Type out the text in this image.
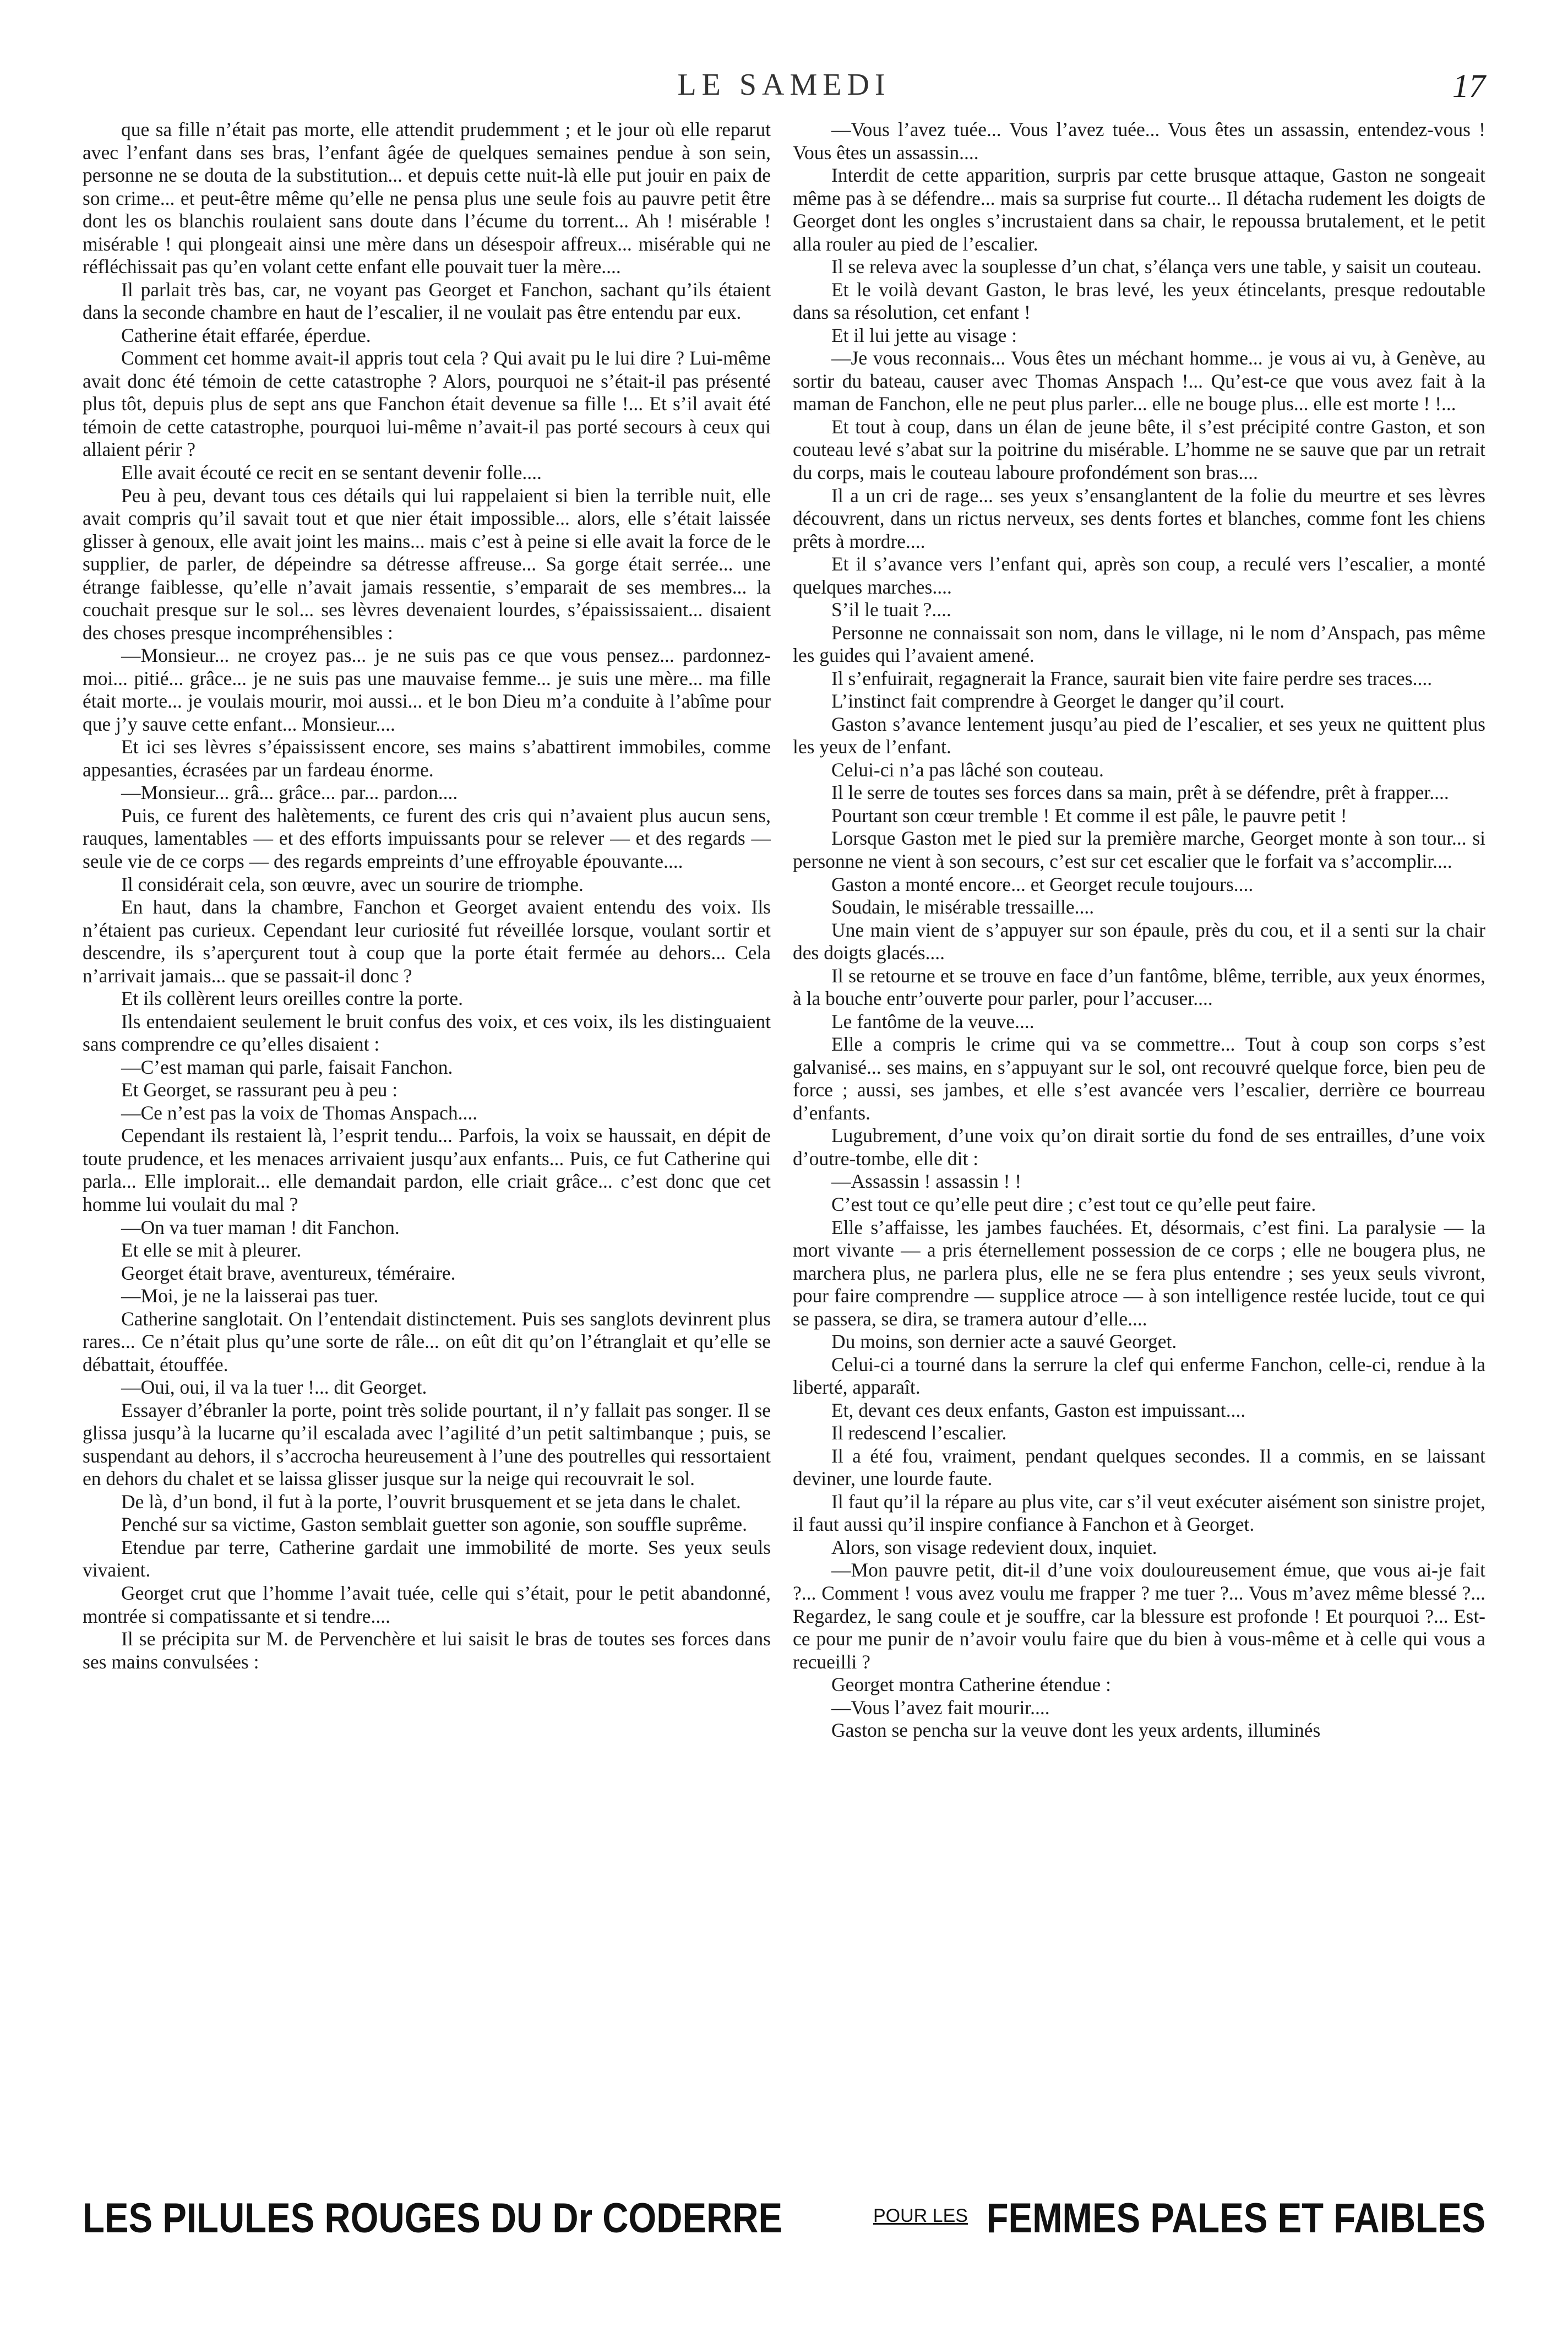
LE SAMEDI	17

que sa fille n’était pas morte, elle attendit prudemment ; et le jour où elle reparut avec l’enfant dans ses bras, l’enfant âgée de quelques semaines pendue à son sein, personne ne se douta de la substitution... et depuis cette nuit-là elle put jouir en paix de son crime... et peut-être même qu’elle ne pensa plus une seule fois au pauvre petit être dont les os blanchis roulaient sans doute dans l’écume du torrent... Ah ! misérable ! misérable ! qui plongeait ainsi une mère dans un désespoir affreux... misérable qui ne réfléchissait pas qu’en volant cette enfant elle pouvait tuer la mère....

Il parlait très bas, car, ne voyant pas Georget et Fanchon, sachant qu’ils étaient dans la seconde chambre en haut de l’escalier, il ne voulait pas être entendu par eux.

Catherine était effarée, éperdue.

Comment cet homme avait-il appris tout cela ? Qui avait pu le lui dire ? Lui-même avait donc été témoin de cette catastrophe ? Alors, pourquoi ne s’était-il pas présenté plus tôt, depuis plus de sept ans que Fanchon était devenue sa fille !... Et s’il avait été témoin de cette catastrophe, pourquoi lui-même n’avait-il pas porté secours à ceux qui allaient périr ?

Elle avait écouté ce recit en se sentant devenir folle....

Peu à peu, devant tous ces détails qui lui rappelaient si bien la terrible nuit, elle avait compris qu’il savait tout et que nier était impossible... alors, elle s’était laissée glisser à genoux, elle avait joint les mains... mais c’est à peine si elle avait la force de le supplier, de parler, de dépeindre sa détresse affreuse... Sa gorge était serrée... une étrange faiblesse, qu’elle n’avait jamais ressentie, s’emparait de ses membres... la couchait presque sur le sol... ses lèvres devenaient lourdes, s’épaississaient... disaient des choses presque incompréhensibles :

—Monsieur... ne croyez pas... je ne suis pas ce que vous pensez... pardonnez-moi... pitié... grâce... je ne suis pas une mauvaise femme... je suis une mère... ma fille était morte... je voulais mourir, moi aussi... et le bon Dieu m’a conduite à l’abîme pour que j’y sauve cette enfant... Monsieur....

Et ici ses lèvres s’épaississent encore, ses mains s’abattirent immobiles, comme appesanties, écrasées par un fardeau énorme.

—Monsieur... grâ... grâce... par... pardon....

Puis, ce furent des halètements, ce furent des cris qui n’avaient plus aucun sens, rauques, lamentables — et des efforts impuissants pour se relever — et des regards — seule vie de ce corps — des regards empreints d’une effroyable épouvante....

Il considérait cela, son œuvre, avec un sourire de triomphe.

En haut, dans la chambre, Fanchon et Georget avaient entendu des voix. Ils n’étaient pas curieux. Cependant leur curiosité fut réveillée lorsque, voulant sortir et descendre, ils s’aperçurent tout à coup que la porte était fermée au dehors... Cela n’arrivait jamais... que se passait-il donc ?

Et ils collèrent leurs oreilles contre la porte.

Ils entendaient seulement le bruit confus des voix, et ces voix, ils les distinguaient sans comprendre ce qu’elles disaient :

—C’est maman qui parle, faisait Fanchon.

Et Georget, se rassurant peu à peu :

—Ce n’est pas la voix de Thomas Anspach....

Cependant ils restaient là, l’esprit tendu... Parfois, la voix se haussait, en dépit de toute prudence, et les menaces arrivaient jusqu’aux enfants... Puis, ce fut Catherine qui parla... Elle implorait... elle demandait pardon, elle criait grâce... c’est donc que cet homme lui voulait du mal ?

—On va tuer maman ! dit Fanchon.

Et elle se mit à pleurer.

Georget était brave, aventureux, téméraire.

—Moi, je ne la laisserai pas tuer.

Catherine sanglotait. On l’entendait distinctement. Puis ses sanglots devinrent plus rares... Ce n’était plus qu’une sorte de râle... on eût dit qu’on l’étranglait et qu’elle se débattait, étouffée.

—Oui, oui, il va la tuer !... dit Georget.

Essayer d’ébranler la porte, point très solide pourtant, il n’y fallait pas songer. Il se glissa jusqu’à la lucarne qu’il escalada avec l’agilité d’un petit saltimbanque ; puis, se suspendant au dehors, il s’accrocha heureusement à l’une des poutrelles qui ressortaient en dehors du chalet et se laissa glisser jusque sur la neige qui recouvrait le sol.

De là, d’un bond, il fut à la porte, l’ouvrit brusquement et se jeta dans le chalet.

Penché sur sa victime, Gaston semblait guetter son agonie, son souffle suprême.

Etendue par terre, Catherine gardait une immobilité de morte. Ses yeux seuls vivaient.

Georget crut que l’homme l’avait tuée, celle qui s’était, pour le petit abandonné, montrée si compatissante et si tendre....

Il se précipita sur M. de Pervenchère et lui saisit le bras de toutes ses forces dans ses mains convulsées :

—Vous l’avez tuée... Vous l’avez tuée... Vous êtes un assassin, entendez-vous ! Vous êtes un assassin....

Interdit de cette apparition, surpris par cette brusque attaque, Gaston ne songeait même pas à se défendre... mais sa surprise fut courte... Il détacha rudement les doigts de Georget dont les ongles s’incrustaient dans sa chair, le repoussa brutalement, et le petit alla rouler au pied de l’escalier.

Il se releva avec la souplesse d’un chat, s’élança vers une table, y saisit un couteau.

Et le voilà devant Gaston, le bras levé, les yeux étincelants, presque redoutable dans sa résolution, cet enfant !

Et il lui jette au visage :

—Je vous reconnais... Vous êtes un méchant homme... je vous ai vu, à Genève, au sortir du bateau, causer avec Thomas Anspach !... Qu’est-ce que vous avez fait à la maman de Fanchon, elle ne peut plus parler... elle ne bouge plus... elle est morte ! !...

Et tout à coup, dans un élan de jeune bête, il s’est précipité contre Gaston, et son couteau levé s’abat sur la poitrine du misérable. L’homme ne se sauve que par un retrait du corps, mais le couteau laboure profondément son bras....

Il a un cri de rage... ses yeux s’ensanglantent de la folie du meurtre et ses lèvres découvrent, dans un rictus nerveux, ses dents fortes et blanches, comme font les chiens prêts à mordre....

Et il s’avance vers l’enfant qui, après son coup, a reculé vers l’escalier, a monté quelques marches....

S’il le tuait ?....

Personne ne connaissait son nom, dans le village, ni le nom d’Anspach, pas même les guides qui l’avaient amené.

Il s’enfuirait, regagnerait la France, saurait bien vite faire perdre ses traces....

L’instinct fait comprendre à Georget le danger qu’il court.

Gaston s’avance lentement jusqu’au pied de l’escalier, et ses yeux ne quittent plus les yeux de l’enfant.

Celui-ci n’a pas lâché son couteau.

Il le serre de toutes ses forces dans sa main, prêt à se défendre, prêt à frapper....

Pourtant son cœur tremble ! Et comme il est pâle, le pauvre petit !

Lorsque Gaston met le pied sur la première marche, Georget monte à son tour... si personne ne vient à son secours, c’est sur cet escalier que le forfait va s’accomplir....

Gaston a monté encore... et Georget recule toujours....

Soudain, le misérable tressaille....

Une main vient de s’appuyer sur son épaule, près du cou, et il a senti sur la chair des doigts glacés....

Il se retourne et se trouve en face d’un fantôme, blême, terrible, aux yeux énormes, à la bouche entr’ouverte pour parler, pour l’accuser....

Le fantôme de la veuve....

Elle a compris le crime qui va se commettre... Tout à coup son corps s’est galvanisé... ses mains, en s’appuyant sur le sol, ont recouvré quelque force, bien peu de force ; aussi, ses jambes, et elle s’est avancée vers l’escalier, derrière ce bourreau d’enfants.

Lugubrement, d’une voix qu’on dirait sortie du fond de ses entrailles, d’une voix d’outre-tombe, elle dit :

—Assassin ! assassin ! !

C’est tout ce qu’elle peut dire ; c’est tout ce qu’elle peut faire.

Elle s’affaisse, les jambes fauchées. Et, désormais, c’est fini. La paralysie — la mort vivante — a pris éternellement possession de ce corps ; elle ne bougera plus, ne marchera plus, ne parlera plus, elle ne se fera plus entendre ; ses yeux seuls vivront, pour faire comprendre — supplice atroce — à son intelligence restée lucide, tout ce qui se passera, se dira, se tramera autour d’elle....

Du moins, son dernier acte a sauvé Georget.

Celui-ci a tourné dans la serrure la clef qui enferme Fanchon, celle-ci, rendue à la liberté, apparaît.

Et, devant ces deux enfants, Gaston est impuissant....

Il redescend l’escalier.

Il a été fou, vraiment, pendant quelques secondes. Il a commis, en se laissant deviner, une lourde faute.

Il faut qu’il la répare au plus vite, car s’il veut exécuter aisément son sinistre projet, il faut aussi qu’il inspire confiance à Fanchon et à Georget.

Alors, son visage redevient doux, inquiet.

—Mon pauvre petit, dit-il d’une voix douloureusement émue, que vous ai-je fait ?... Comment ! vous avez voulu me frapper ? me tuer ?... Vous m’avez même blessé ?... Regardez, le sang coule et je souffre, car la blessure est profonde ! Et pourquoi ?... Est-ce pour me punir de n’avoir voulu faire que du bien à vous-même et à celle qui vous a recueilli ?

Georget montra Catherine étendue :

—Vous l’avez fait mourir....

Gaston se pencha sur la veuve dont les yeux ardents, illuminés

LES PILULES ROUGES DU Dr CODERRE	POUR LES FEMMES PALES ET FAIBLES
